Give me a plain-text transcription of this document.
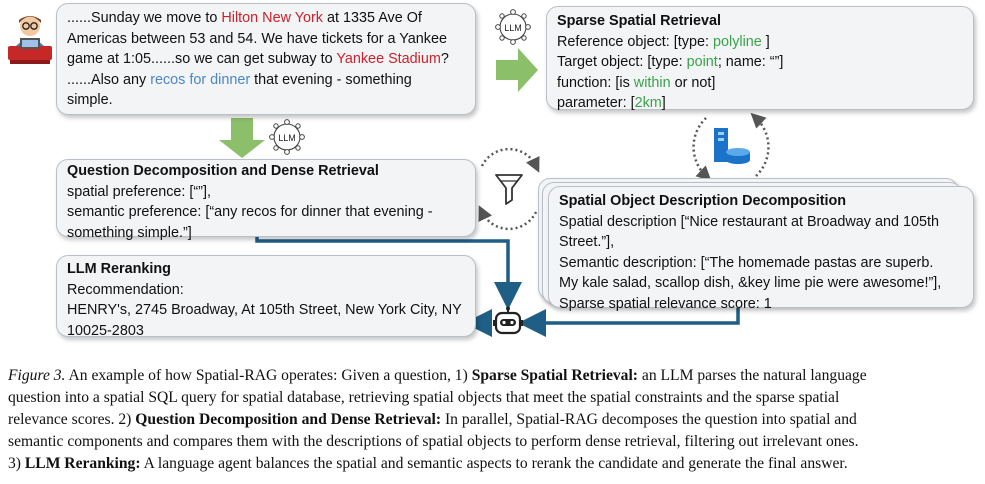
......Sunday we move to Hilton New York at 1335 Ave Of
Americas between 53 and 54. We have tickets for a Yankee
game at 1:05......so we can get subway to Yankee Stadium?
......Also any recos for dinner that evening - something
simple.
LLM
LLM
Sparse Spatial Retrieval
Reference object: [type: polyline ]
Target object: [type: point; name: “”]
function: [is within or not]
parameter: [2km]
Question Decomposition and Dense Retrieval
spatial preference: [“”],
semantic preference: [“any recos for dinner that evening -
something simple.”]
Spatial Object Description Decomposition
Spatial description [“Nice restaurant at Broadway and 105th
Street.”],
Semantic description: [“The homemade pastas are superb.
My kale salad, scallop dish, &key lime pie were awesome!”],
Sparse spatial relevance score: 1
LLM Reranking
Recommendation:
HENRY's, 2745 Broadway, At 105th Street, New York City, NY
10025-2803
Figure 3. An example of how Spatial-RAG operates: Given a question, 1) Sparse Spatial Retrieval: an LLM parses the natural language
question into a spatial SQL query for spatial database, retrieving spatial objects that meet the spatial constraints and the sparse spatial
relevance scores. 2) Question Decomposition and Dense Retrieval: In parallel, Spatial-RAG decomposes the question into spatial and
semantic components and compares them with the descriptions of spatial objects to perform dense retrieval, filtering out irrelevant ones.
3) LLM Reranking: A language agent balances the spatial and semantic aspects to rerank the candidate and generate the final answer.
